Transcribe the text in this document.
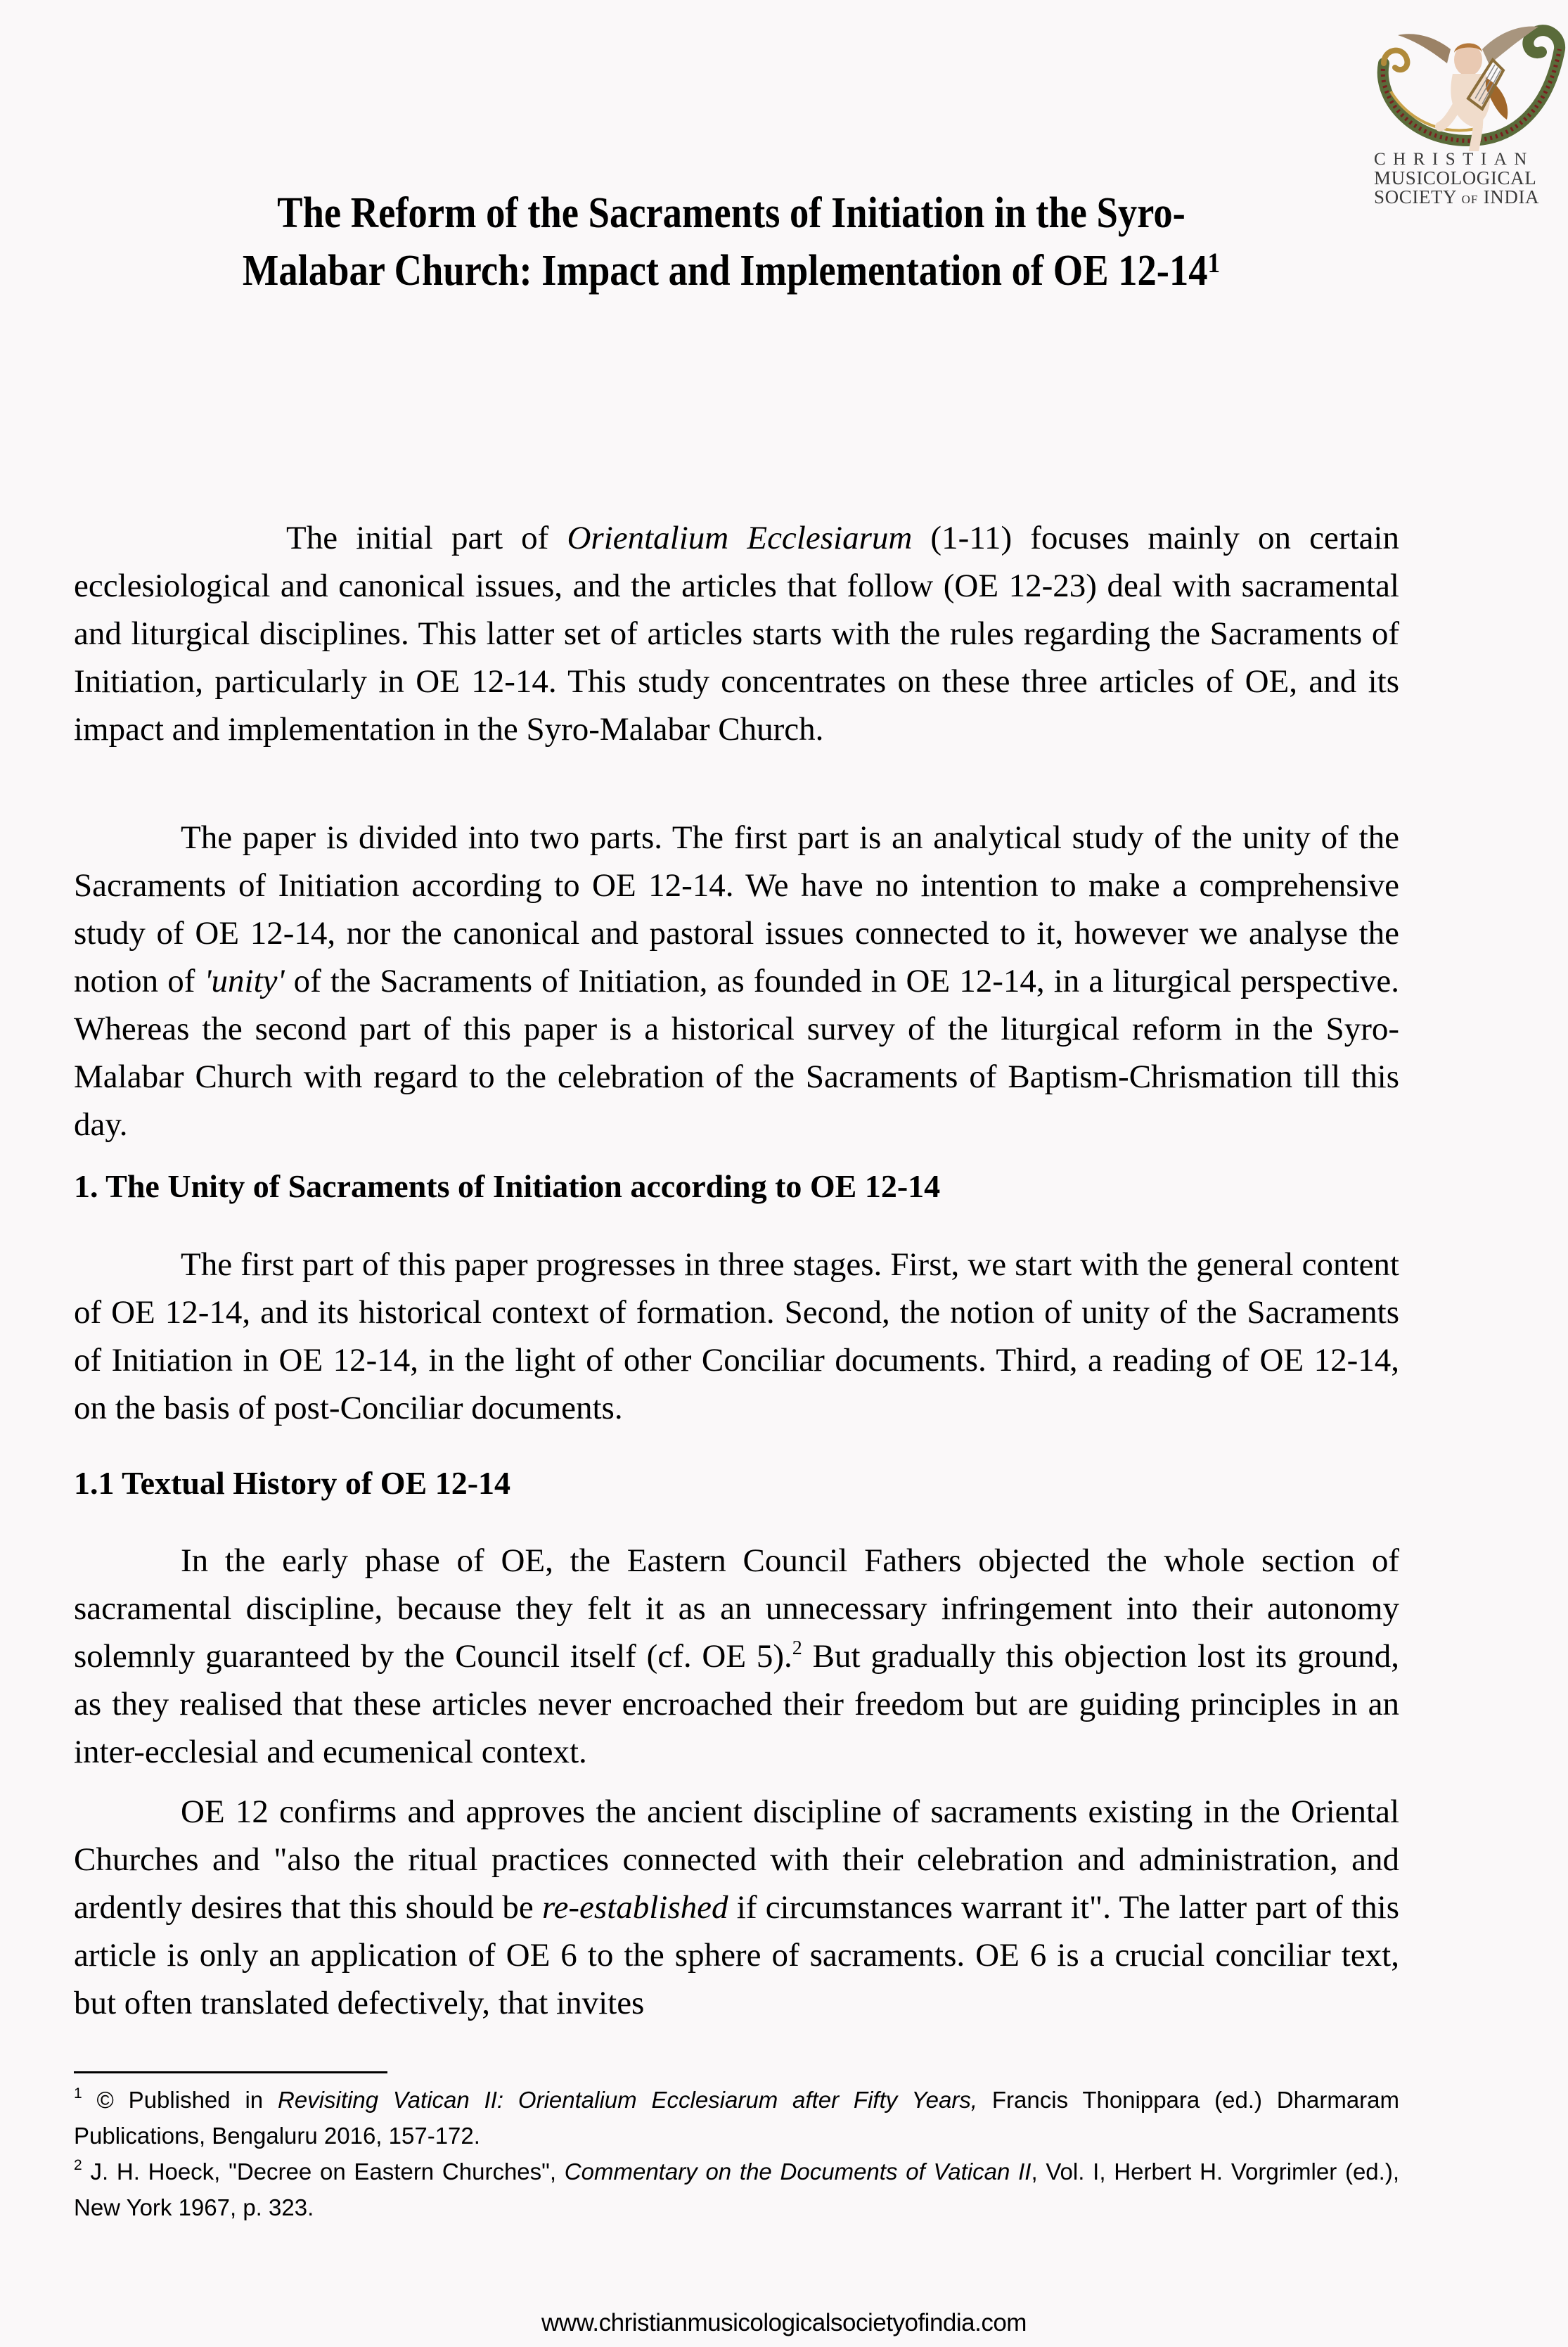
CHRISTIAN
MUSICOLOGICAL
SOCIETY OF INDIA
The Reform of the Sacraments of Initiation in the Syro-
Malabar Church: Impact and Implementation of OE $12-14^1$

The initial part of Orientalium Ecclesiarum (1-11) focuses mainly on certain ecclesiological and canonical issues, and the articles that follow (OE 12-23) deal with sacramental and liturgical disciplines. This latter set of articles starts with the rules regarding the Sacraments of Initiation, particularly in OE 12-14. This study concentrates on these three articles of OE, and its impact and implementation in the Syro-Malabar Church.

The paper is divided into two parts. The first part is an analytical study of the unity of the Sacraments of Initiation according to OE 12-14. We have no intention to make a comprehensive study of OE 12-14, nor the canonical and pastoral issues connected to it, however we analyse the notion of 'unity' of the Sacraments of Initiation, as founded in OE 12-14, in a liturgical perspective. Whereas the second part of this paper is a historical survey of the liturgical reform in the Syro-Malabar Church with regard to the celebration of the Sacraments of Baptism-Chrismation till this day.

1. The Unity of Sacraments of Initiation according to OE 12-14

The first part of this paper progresses in three stages. First, we start with the general content of OE 12-14, and its historical context of formation. Second, the notion of unity of the Sacraments of Initiation in OE 12-14, in the light of other Conciliar documents. Third, a reading of OE 12-14, on the basis of post-Conciliar documents.

1.1 Textual History of OE 12-14

In the early phase of OE, the Eastern Council Fathers objected the whole section of sacramental discipline, because they felt it as an unnecessary infringement into their autonomy solemnly guaranteed by the Council itself (cf. OE 5).$^2$ But gradually this objection lost its ground, as they realised that these articles never encroached their freedom but are guiding principles in an inter-ecclesial and ecumenical context.

OE 12 confirms and approves the ancient discipline of sacraments existing in the Oriental Churches and "also the ritual practices connected with their celebration and administration, and ardently desires that this should be re-established if circumstances warrant it". The latter part of this article is only an application of OE 6 to the sphere of sacraments. OE 6 is a crucial conciliar text, but often translated defectively, that invites

$^1$ © Published in Revisiting Vatican II: Orientalium Ecclesiarum after Fifty Years, Francis Thonippara (ed.) Dharmaram Publications, Bengaluru 2016, 157-172.

$^2$ J. H. Hoeck, "Decree on Eastern Churches", Commentary on the Documents of Vatican II, Vol. I, Herbert H. Vorgrimler (ed.), New York 1967, p. 323.

www.christianmusicologicalsocietyofindia.com
